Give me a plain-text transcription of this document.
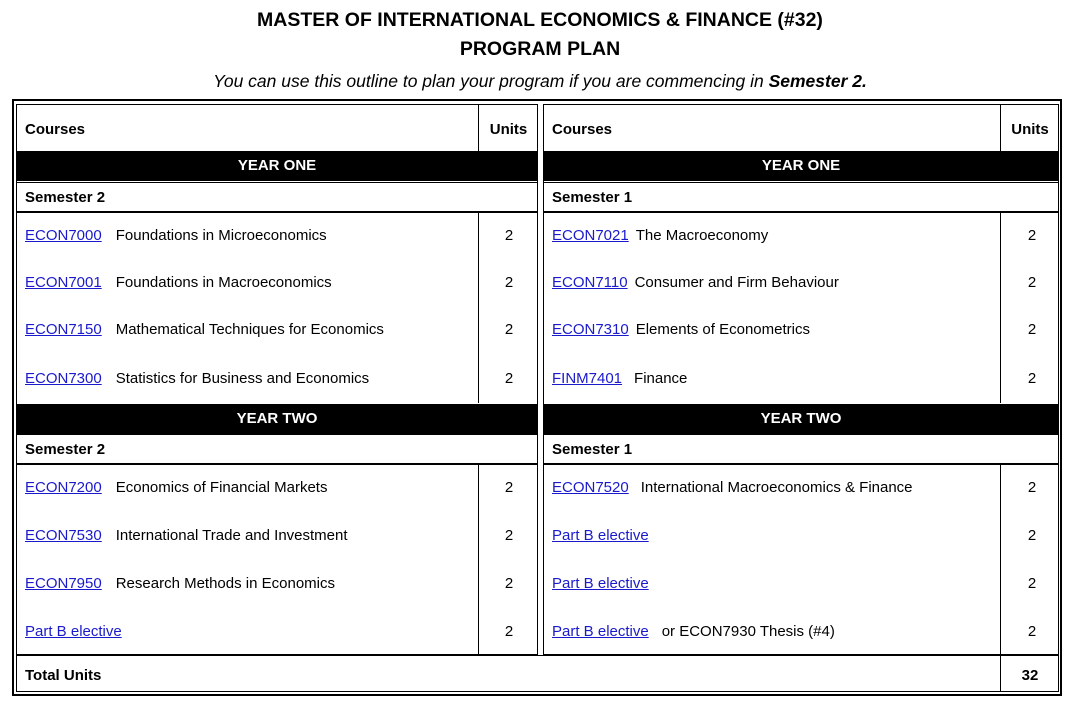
MASTER OF INTERNATIONAL ECONOMICS & FINANCE (#32)
PROGRAM PLAN
You can use this outline to plan your program if you are commencing in Semester 2.
Courses	Units
YEAR ONE
Semester 2
ECON7000 Foundations in Microeconomics	2
ECON7001 Foundations in Macroeconomics	2
ECON7150 Mathematical Techniques for Economics	2
ECON7300 Statistics for Business and Economics	2
YEAR TWO
Semester 2
ECON7200 Economics of Financial Markets	2
ECON7530 International Trade and Investment	2
ECON7950 Research Methods in Economics	2
Part B elective	2
Courses	Units
YEAR ONE
Semester 1
ECON7021 The Macroeconomy	2
ECON7110 Consumer and Firm Behaviour	2
ECON7310 Elements of Econometrics	2
FINM7401 Finance	2
YEAR TWO
Semester 1
ECON7520 International Macroeconomics & Finance	2
Part B elective	2
Part B elective	2
Part B elective or ECON7930 Thesis (#4)	2
Total Units	32
